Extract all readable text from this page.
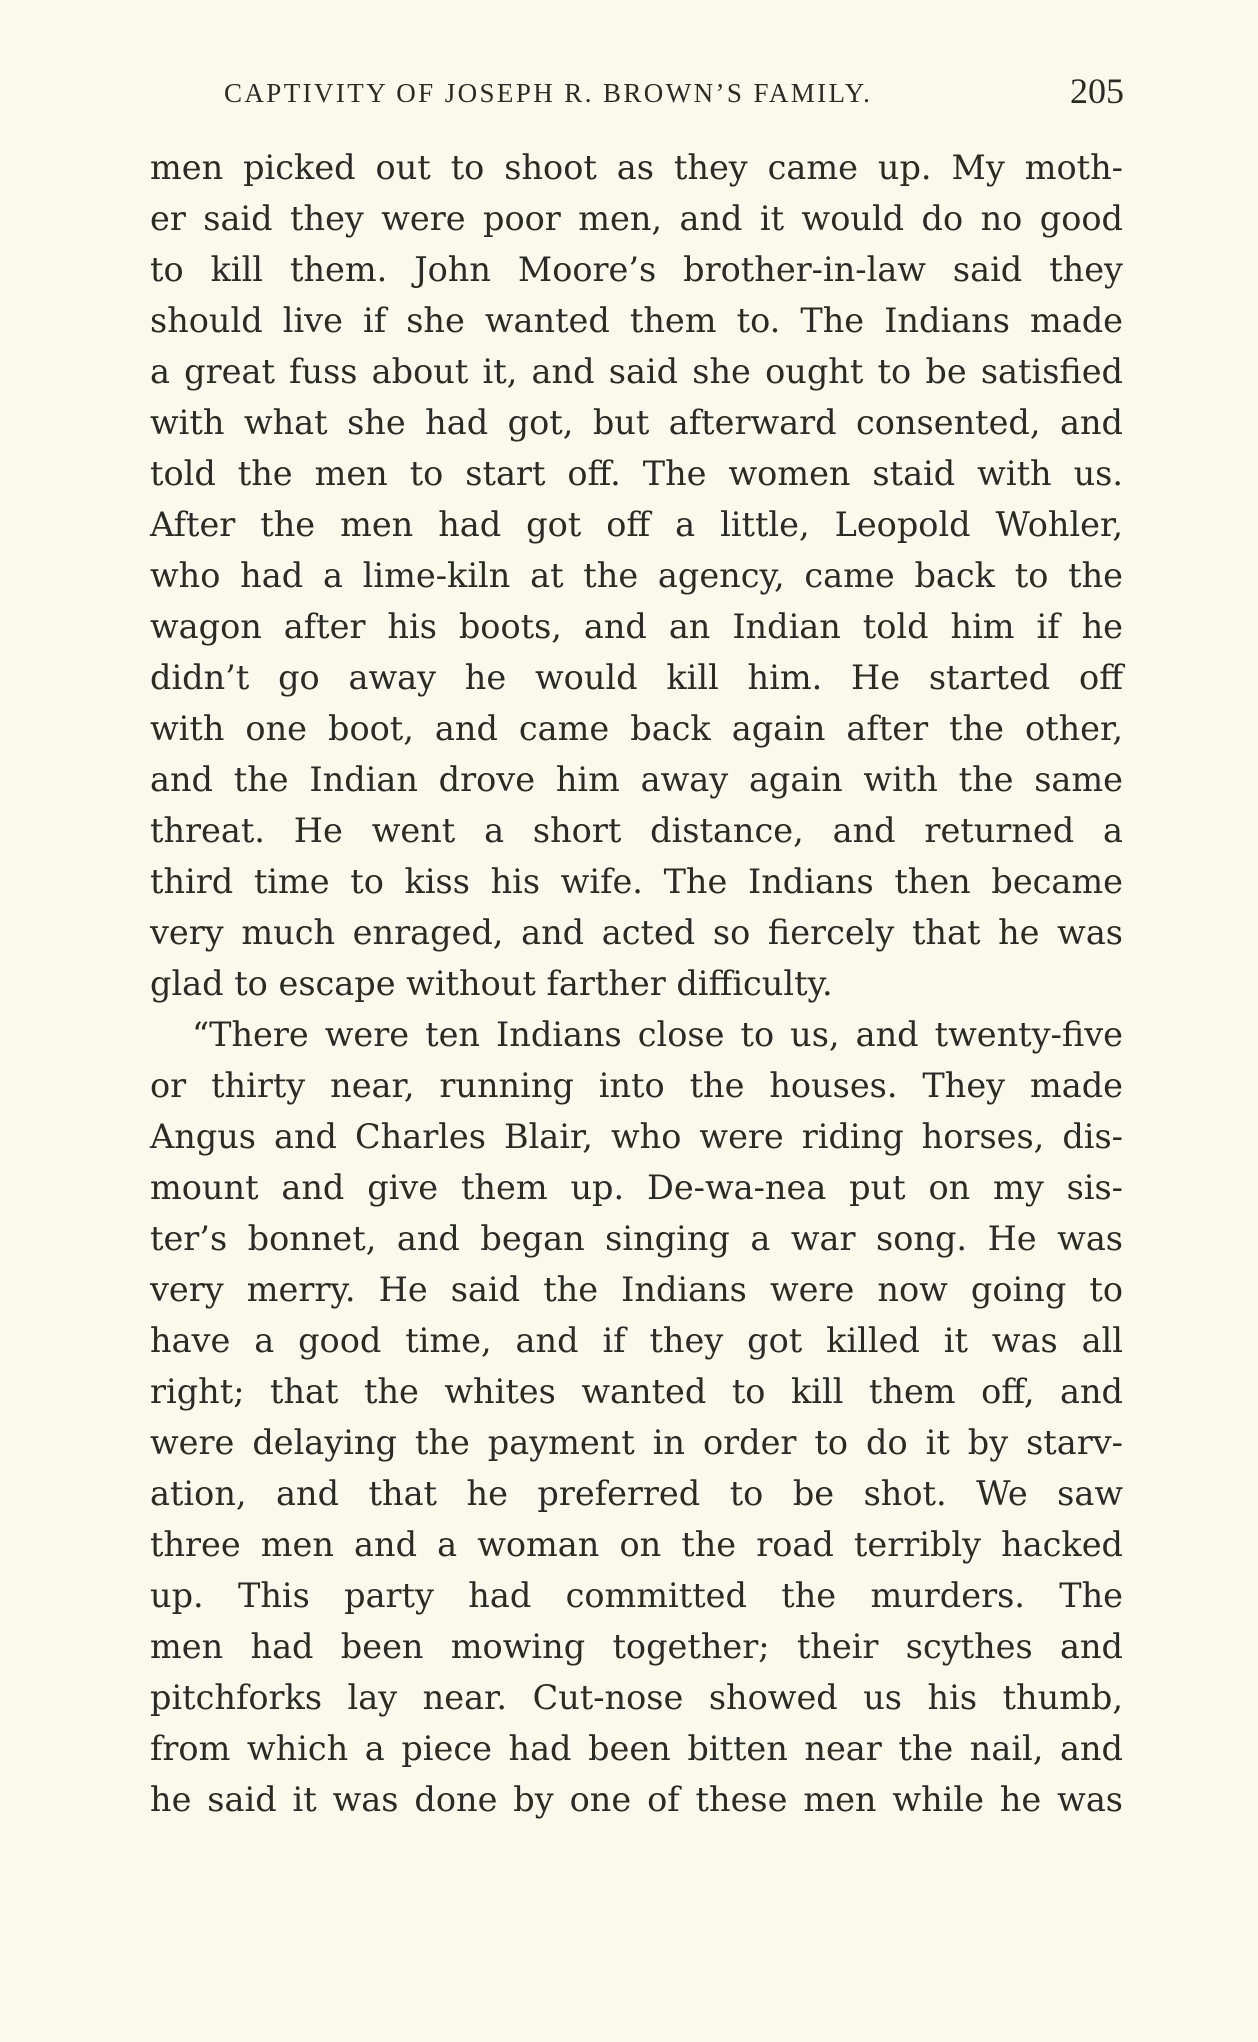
CAPTIVITY OF JOSEPH R. BROWN’S FAMILY.	205
men picked out to shoot as they came up. My moth-
er said they were poor men, and it would do no good
to kill them. John Moore’s brother-in-law said they
should live if she wanted them to. The Indians made
a great fuss about it, and said she ought to be satisfied
with what she had got, but afterward consented, and
told the men to start off. The women staid with us.
After the men had got off a little, Leopold Wohler,
who had a lime-kiln at the agency, came back to the
wagon after his boots, and an Indian told him if he
didn’t go away he would kill him. He started off
with one boot, and came back again after the other,
and the Indian drove him away again with the same
threat. He went a short distance, and returned a
third time to kiss his wife. The Indians then became
very much enraged, and acted so fiercely that he was
glad to escape without farther difficulty.
“There were ten Indians close to us, and twenty-five
or thirty near, running into the houses. They made
Angus and Charles Blair, who were riding horses, dis-
mount and give them up. De-wa-nea put on my sis-
ter’s bonnet, and began singing a war song. He was
very merry. He said the Indians were now going to
have a good time, and if they got killed it was all
right; that the whites wanted to kill them off, and
were delaying the payment in order to do it by starv-
ation, and that he preferred to be shot. We saw
three men and a woman on the road terribly hacked
up. This party had committed the murders. The
men had been mowing together; their scythes and
pitchforks lay near. Cut-nose showed us his thumb,
from which a piece had been bitten near the nail, and
he said it was done by one of these men while he was
